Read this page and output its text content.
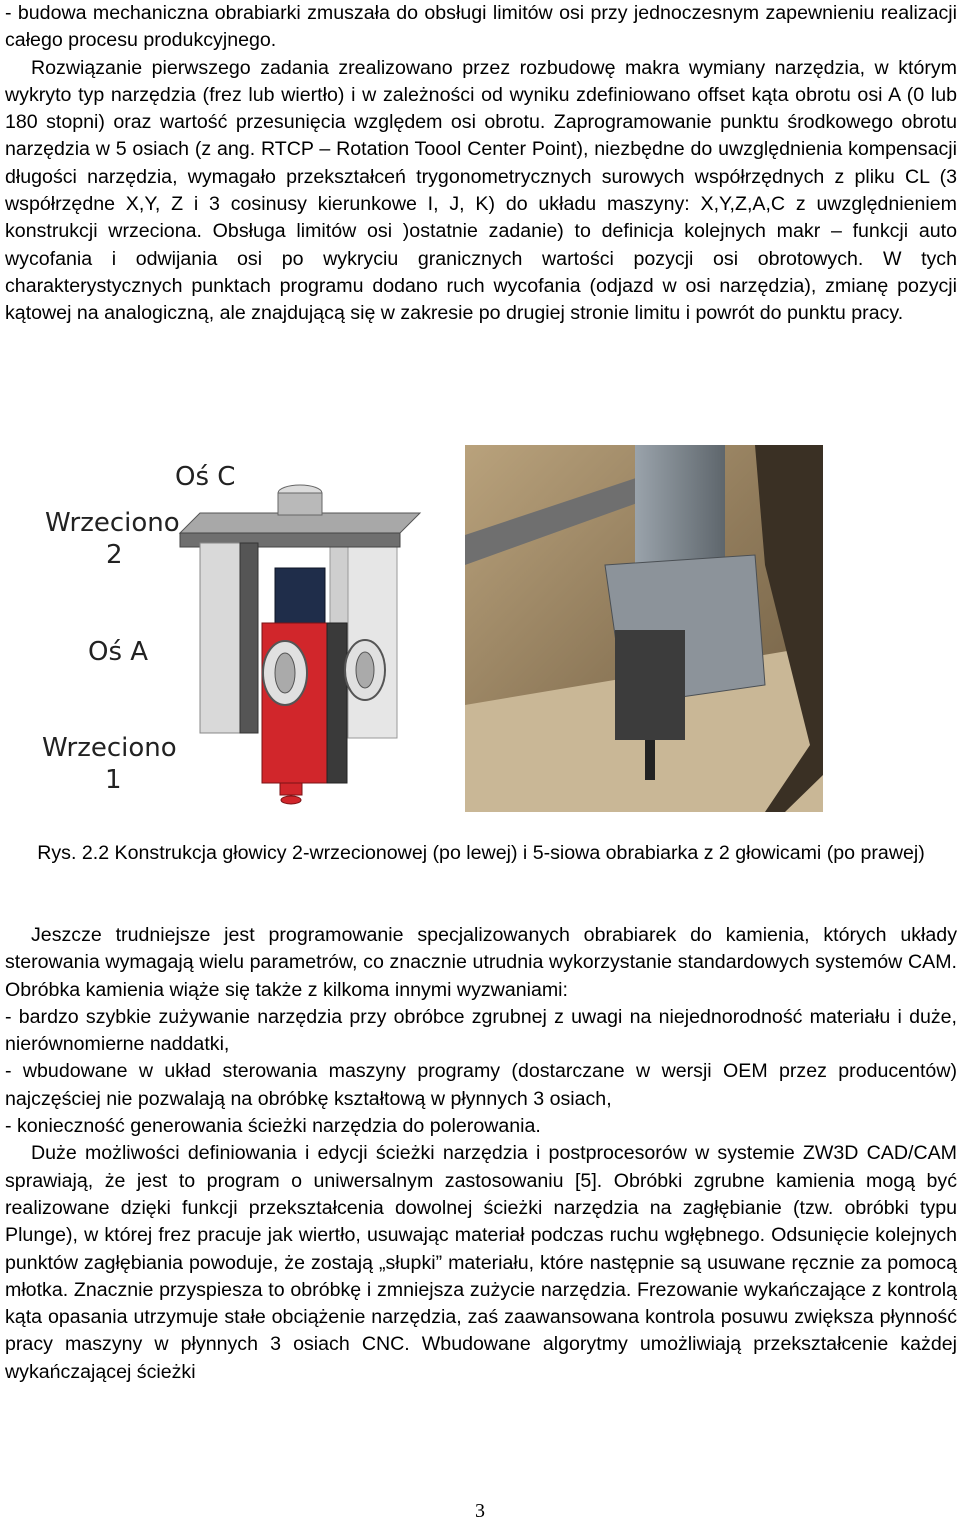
- budowa mechaniczna obrabiarki zmuszała do obsługi limitów osi przy jednoczesnym zapewnieniu realizacji całego procesu produkcyjnego.
Rozwiązanie pierwszego zadania zrealizowano przez rozbudowę makra wymiany narzędzia, w którym wykryto typ narzędzia (frez lub wiertło) i w zależności od wyniku zdefiniowano offset kąta obrotu osi A (0 lub 180 stopni) oraz wartość przesunięcia względem osi obrotu. Zaprogramowanie punktu środkowego obrotu narzędzia w 5 osiach (z ang. RTCP – Rotation Toool Center Point), niezbędne do uwzględnienia kompensacji długości narzędzia, wymagało przekształceń trygonometrycznych surowych współrzędnych z pliku CL (3 współrzędne X,Y, Z i 3 cosinusy kierunkowe I, J, K) do układu maszyny: X,Y,Z,A,C z uwzględnieniem konstrukcji wrzeciona. Obsługa limitów osi )ostatnie zadanie) to definicja kolejnych makr – funkcji auto wycofania i odwijania osi po wykryciu granicznych wartości pozycji osi obrotowych. W tych charakterystycznych punktach programu dodano ruch wycofania (odjazd w osi narzędzia), zmianę pozycji kątowej na analogiczną, ale znajdującą się w zakresie po drugiej stronie limitu i powrót do punktu pracy.

Oś C
Wrzeciono
2
Oś A
Wrzeciono
1
Rys. 2.2 Konstrukcja głowicy 2-wrzecionowej (po lewej) i 5-siowa obrabiarka z 2 głowicami (po prawej)

Jeszcze trudniejsze jest programowanie specjalizowanych obrabiarek do kamienia, których układy sterowania wymagają wielu parametrów, co znacznie utrudnia wykorzystanie standardowych systemów CAM. Obróbka kamienia wiąże się także z kilkoma innymi wyzwaniami:
- bardzo szybkie zużywanie narzędzia przy obróbce zgrubnej z uwagi na niejednorodność materiału i duże, nierównomierne naddatki,
- wbudowane w układ sterowania maszyny programy (dostarczane w wersji OEM przez producentów) najczęściej nie pozwalają na obróbkę kształtową w płynnych 3 osiach,
- konieczność generowania ścieżki narzędzia do polerowania.
Duże możliwości definiowania i edycji ścieżki narzędzia i postprocesorów w systemie ZW3D CAD/CAM sprawiają, że jest to program o uniwersalnym zastosowaniu [5]. Obróbki zgrubne kamienia mogą być realizowane dzięki funkcji przekształcenia dowolnej ścieżki narzędzia na zagłębianie (tzw. obróbki typu Plunge), w której frez pracuje jak wiertło, usuwając materiał podczas ruchu wgłębnego. Odsunięcie kolejnych punktów zagłębiania powoduje, że zostają „słupki” materiału, które następnie są usuwane ręcznie za pomocą młotka. Znacznie przyspiesza to obróbkę i zmniejsza zużycie narzędzia. Frezowanie wykańczające z kontrolą kąta opasania utrzymuje stałe obciążenie narzędzia, zaś zaawansowana kontrola posuwu zwiększa płynność pracy maszyny w płynnych 3 osiach CNC. Wbudowane algorytmy umożliwiają przekształcenie każdej wykańczającej ścieżki

3
